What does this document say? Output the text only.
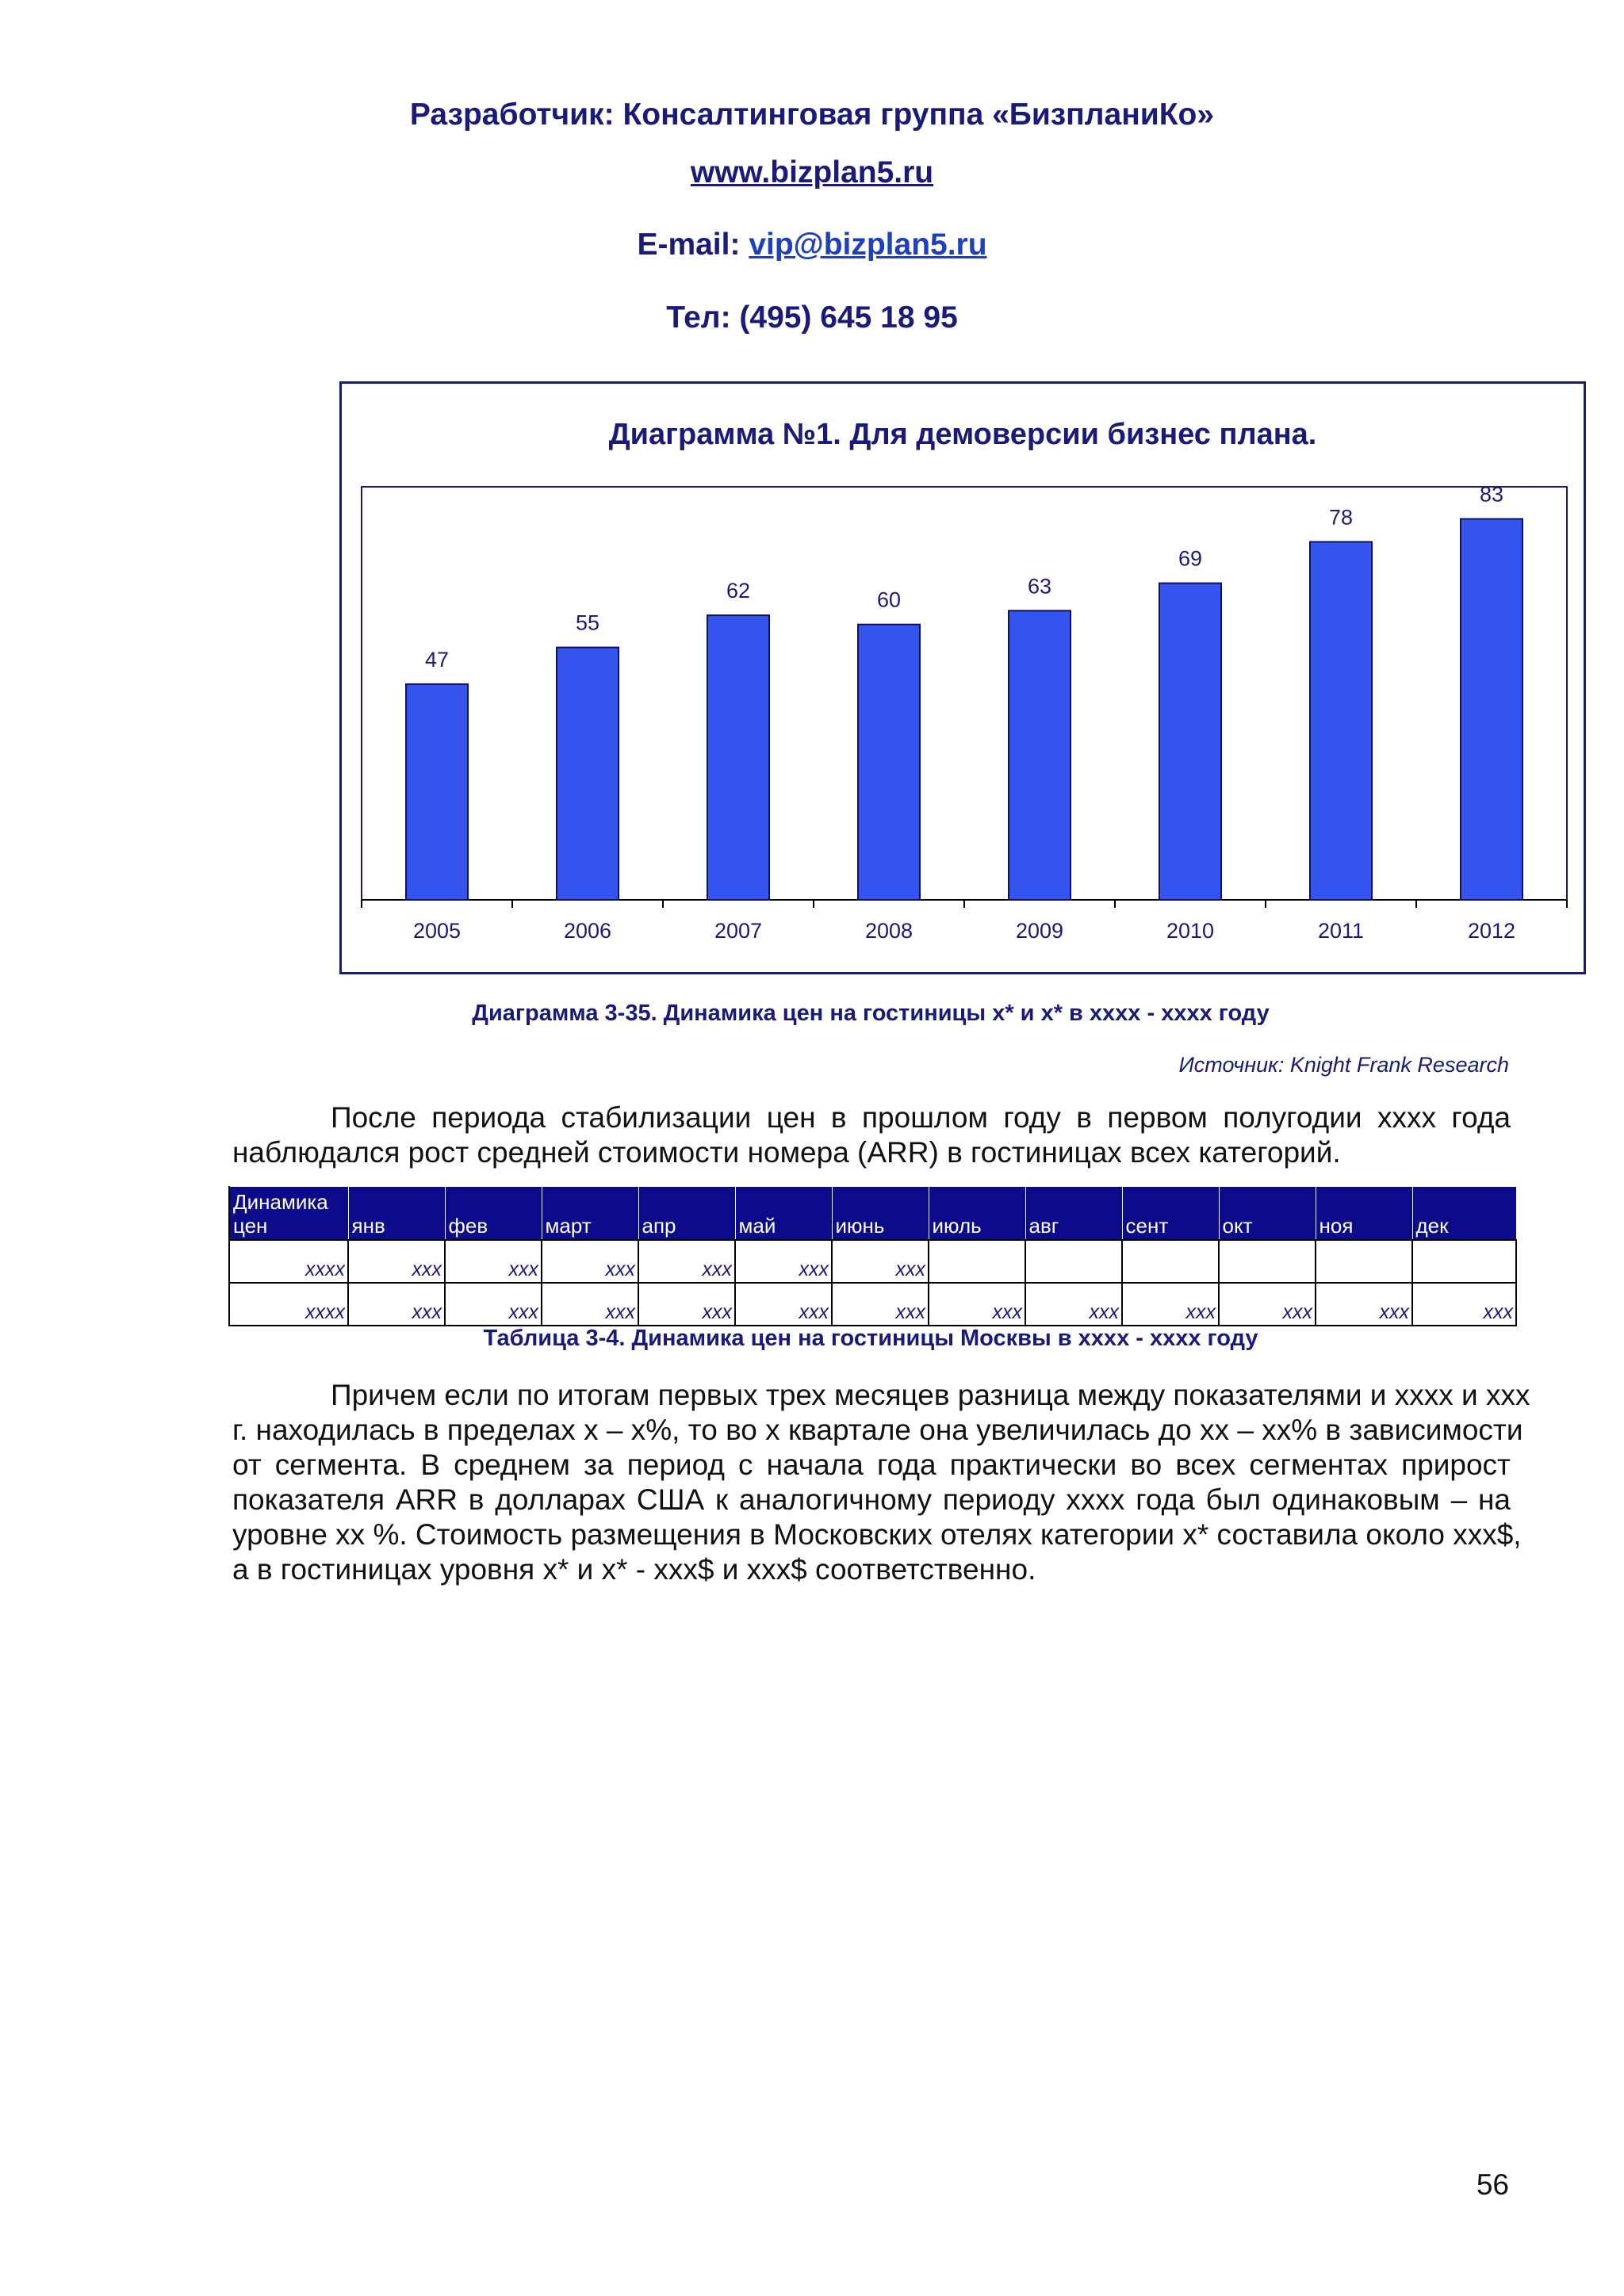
Разработчик: Консалтинговая группа «БизпланиКо»
www.bizplan5.ru
E-mail: vip@bizplan5.ru
Тел: (495) 645 18 95
Диаграмма №1. Для демоверсии бизнес плана.
47
2005
55
2006
62
2007
60
2008
63
2009
69
2010
78
2011
83
2012
Диаграмма 3-35. Динамика цен на гостиницы x* и x* в xxxx - xxxx году
Источник: Knight Frank Research
После периода стабилизации цен в прошлом году в первом полугодии xxxx года
наблюдался рост средней стоимости номера (ARR) в гостиницах всех категорий.
Динамика
цен	янв	фев	март	апр	май	июнь	июль	авг	сент	окт	ноя	дек
xxxx	xxx	xxx	xxx	xxx	xxx	xxx						
xxxx	xxx	xxx	xxx	xxx	xxx	xxx	xxx	xxx	xxx	xxx	xxx	xxx
Таблица 3-4. Динамика цен на гостиницы Москвы в xxxx - xxxx году
Причем если по итогам первых трех месяцев разница между показателями и xxxx и xxx
г. находилась в пределах x – x%, то во x квартале она увеличилась до xx – xx% в зависимости
от сегмента. В среднем за период с начала года практически во всех сегментах прирост
показателя ARR в долларах США к аналогичному периоду xxxx года был одинаковым – на
уровне xx %. Стоимость размещения в Московских отелях категории x* составила около xxx$,
а в гостиницах уровня x* и x* - xxx$ и xxx$ соответственно.
56
